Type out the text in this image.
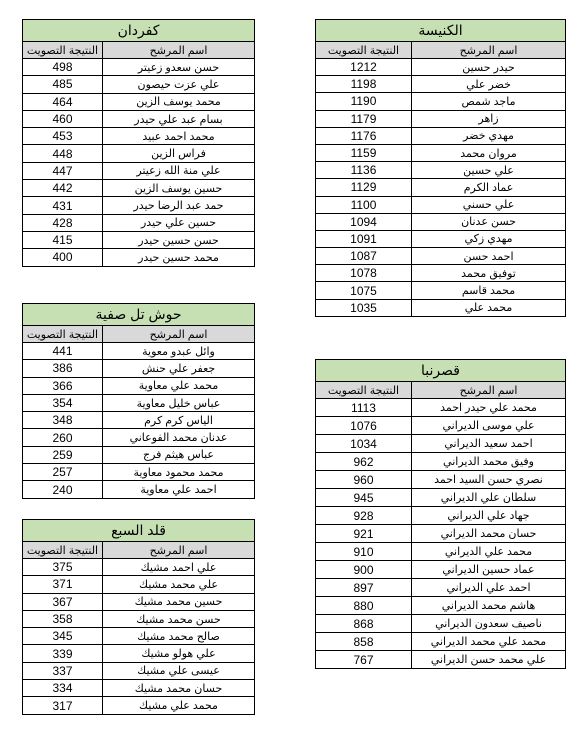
كفردان	
النتيجة التصويت	اسم المرشح
498	حسن سعدو زعيتر
485	علي عزت حيصون
464	محمد يوسف الزين
460	بسام عبد علي حيدر
453	محمد احمد عبيد
448	فراس الزين
447	علي منة الله زعيتر
442	حسين يوسف الزين
431	حمد عبد الرضا حيدر
428	حسين علي حيدر
415	حسن حسين حيدر
400	محمد حسين حيدر
حوش تل صفية	
النتيجة التصويت	اسم المرشح
441	وائل عبدو معوية
386	جعفر علي حنش
366	محمد علي معاوية
354	عباس خليل معاوية
348	الياس كرم كرم
260	عدنان محمد الفوعاني
259	عباس هيثم فرج
257	محمد محمود معاوية
240	احمد علي معاوية
قلد السبع	
النتيجة التصويت	اسم المرشح
375	علي احمد مشيك
371	علي محمد مشيك
367	حسين محمد مشيك
358	حسن محمد مشيك
345	صالح محمد مشيك
339	علي هولو مشيك
337	عيسى علي مشيك
334	حسان محمد مشيك
317	محمد علي مشيك
الكنيسة	
النتيجة التصويت	اسم المرشح
1212	حيدر حسين
1198	خضر علي
1190	ماجد شمص
1179	زاهر
1176	مهدي خضر
1159	مروان محمد
1136	علي حسين
1129	عماد الكرم
1100	علي حسني
1094	حسن عدنان
1091	مهدي زكي
1087	احمد حسن
1078	توفيق محمد
1075	محمد قاسم
1035	محمد علي
قصرنبا	
النتيجة التصويت	اسم المرشح
1113	محمد علي حيدر احمد
1076	علي موسى الديراني
1034	احمد سعيد الديراني
962	وفيق محمد الديراني
960	نصري حسن السيد احمد
945	سلطان علي الديراني
928	جهاد علي الديراني
921	حسان محمد الديراني
910	محمد علي الديراني
900	عماد حسين الديراني
897	احمد علي الديراني
880	هاشم محمد الديراني
868	ناصيف سعدون الديراني
858	محمد علي محمد الديراني
767	علي محمد حسن الديراني
